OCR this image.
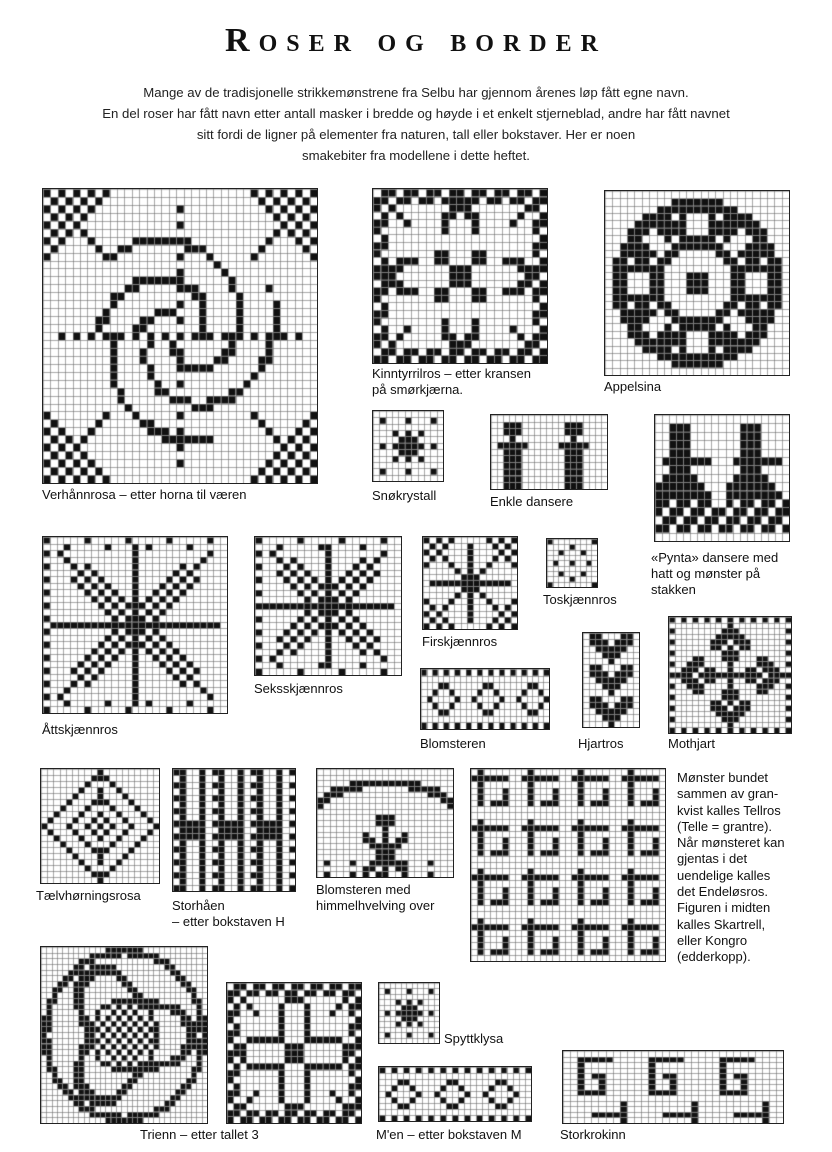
Roser og border
Mange av de tradisjonelle strikkemønstrene fra Selbu har gjennom årenes løp fått egne navn.
En del roser har fått navn etter antall masker i bredde og høyde i et enkelt stjerneblad, andre har fått navnet
sitt fordi de ligner på elementer fra naturen, tall eller bokstaver. Her er noen
smakebiter fra modellene i dette heftet.
Verhånnrosa – etter horna til væren
Kinntyrrilros – etter kransen
på smørkjærna.	Appelsina
Snøkrystall	Enkle dansere
«Pynta» dansere med
hatt og mønster på
stakken
Åttskjænnros
Seksskjænnros
Firskjænnros
Toskjænnros
Blomsteren	Hjartros	Mothjart
Tælvhørningsrosa
Storhåen
– etter bokstaven H
Blomsteren med
himmelhvelving over
Mønster bundet
sammen av gran-
kvist kalles Tellros
(Telle = grantre).
Når mønsteret kan
gjentas i det
uendelige kalles
det Endeløsros.
Figuren i midten
kalles Skartrell,
eller Kongro
(edderkopp).
Trienn – etter tallet 3
Spyttklysa
M'en – etter bokstaven M	Storkrokinn
